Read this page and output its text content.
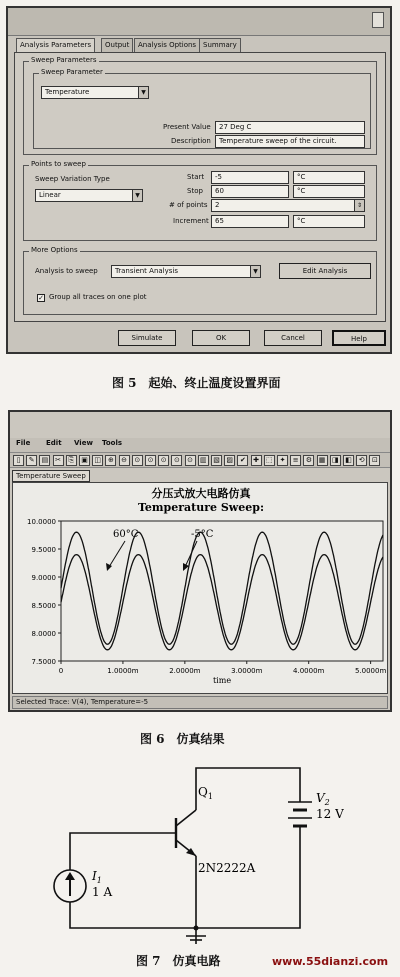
Analysis Parameters	Output	Analysis Options Summary
Sweep Parameters
Sweep Parameter
Temperature	▼
Present Value	27 Deg C
Description	Temperature sweep of the circuit.
Points to sweep
Sweep Variation Type
Linear	▼
Start	-5	°C
Stop	60	°C
# of points	2	⇕
Increment 65	°C
More Options
Analysis to sweep	Transient Analysis	▼	Edit Analysis
✓ Group all traces on one plot
Simulate	OK	Cancel	Help
图 5　起始、终止温度设置界面
File Edit View Tools
▯	✎ ▤ ✂	⎘	▣ ◫ ⊕	⊖	⊙	⊙	⊙	⊙	⊙ ▥ ▧ ▨ ✔	✚ ⬚ ✦	≡	⚙ ▦ ◨ ◧ ⟲	⊡
Temperature Sweep
分压式放大电路仿真
Temperature Sweep:
7.5000
8.0000
8.5000
9.0000
9.5000
10.0000
0	1.0000m	2.0000m	3.0000m	4.0000m	5.0000m
time
60°C	-5°C
Selected Trace: V(4), Temperature=-5
图 6　仿真结果
$Q_1$
2N2222A
$V_2$
12 V
$I_1$
1 A
图 7　仿真电路	www.55dianzi.com
